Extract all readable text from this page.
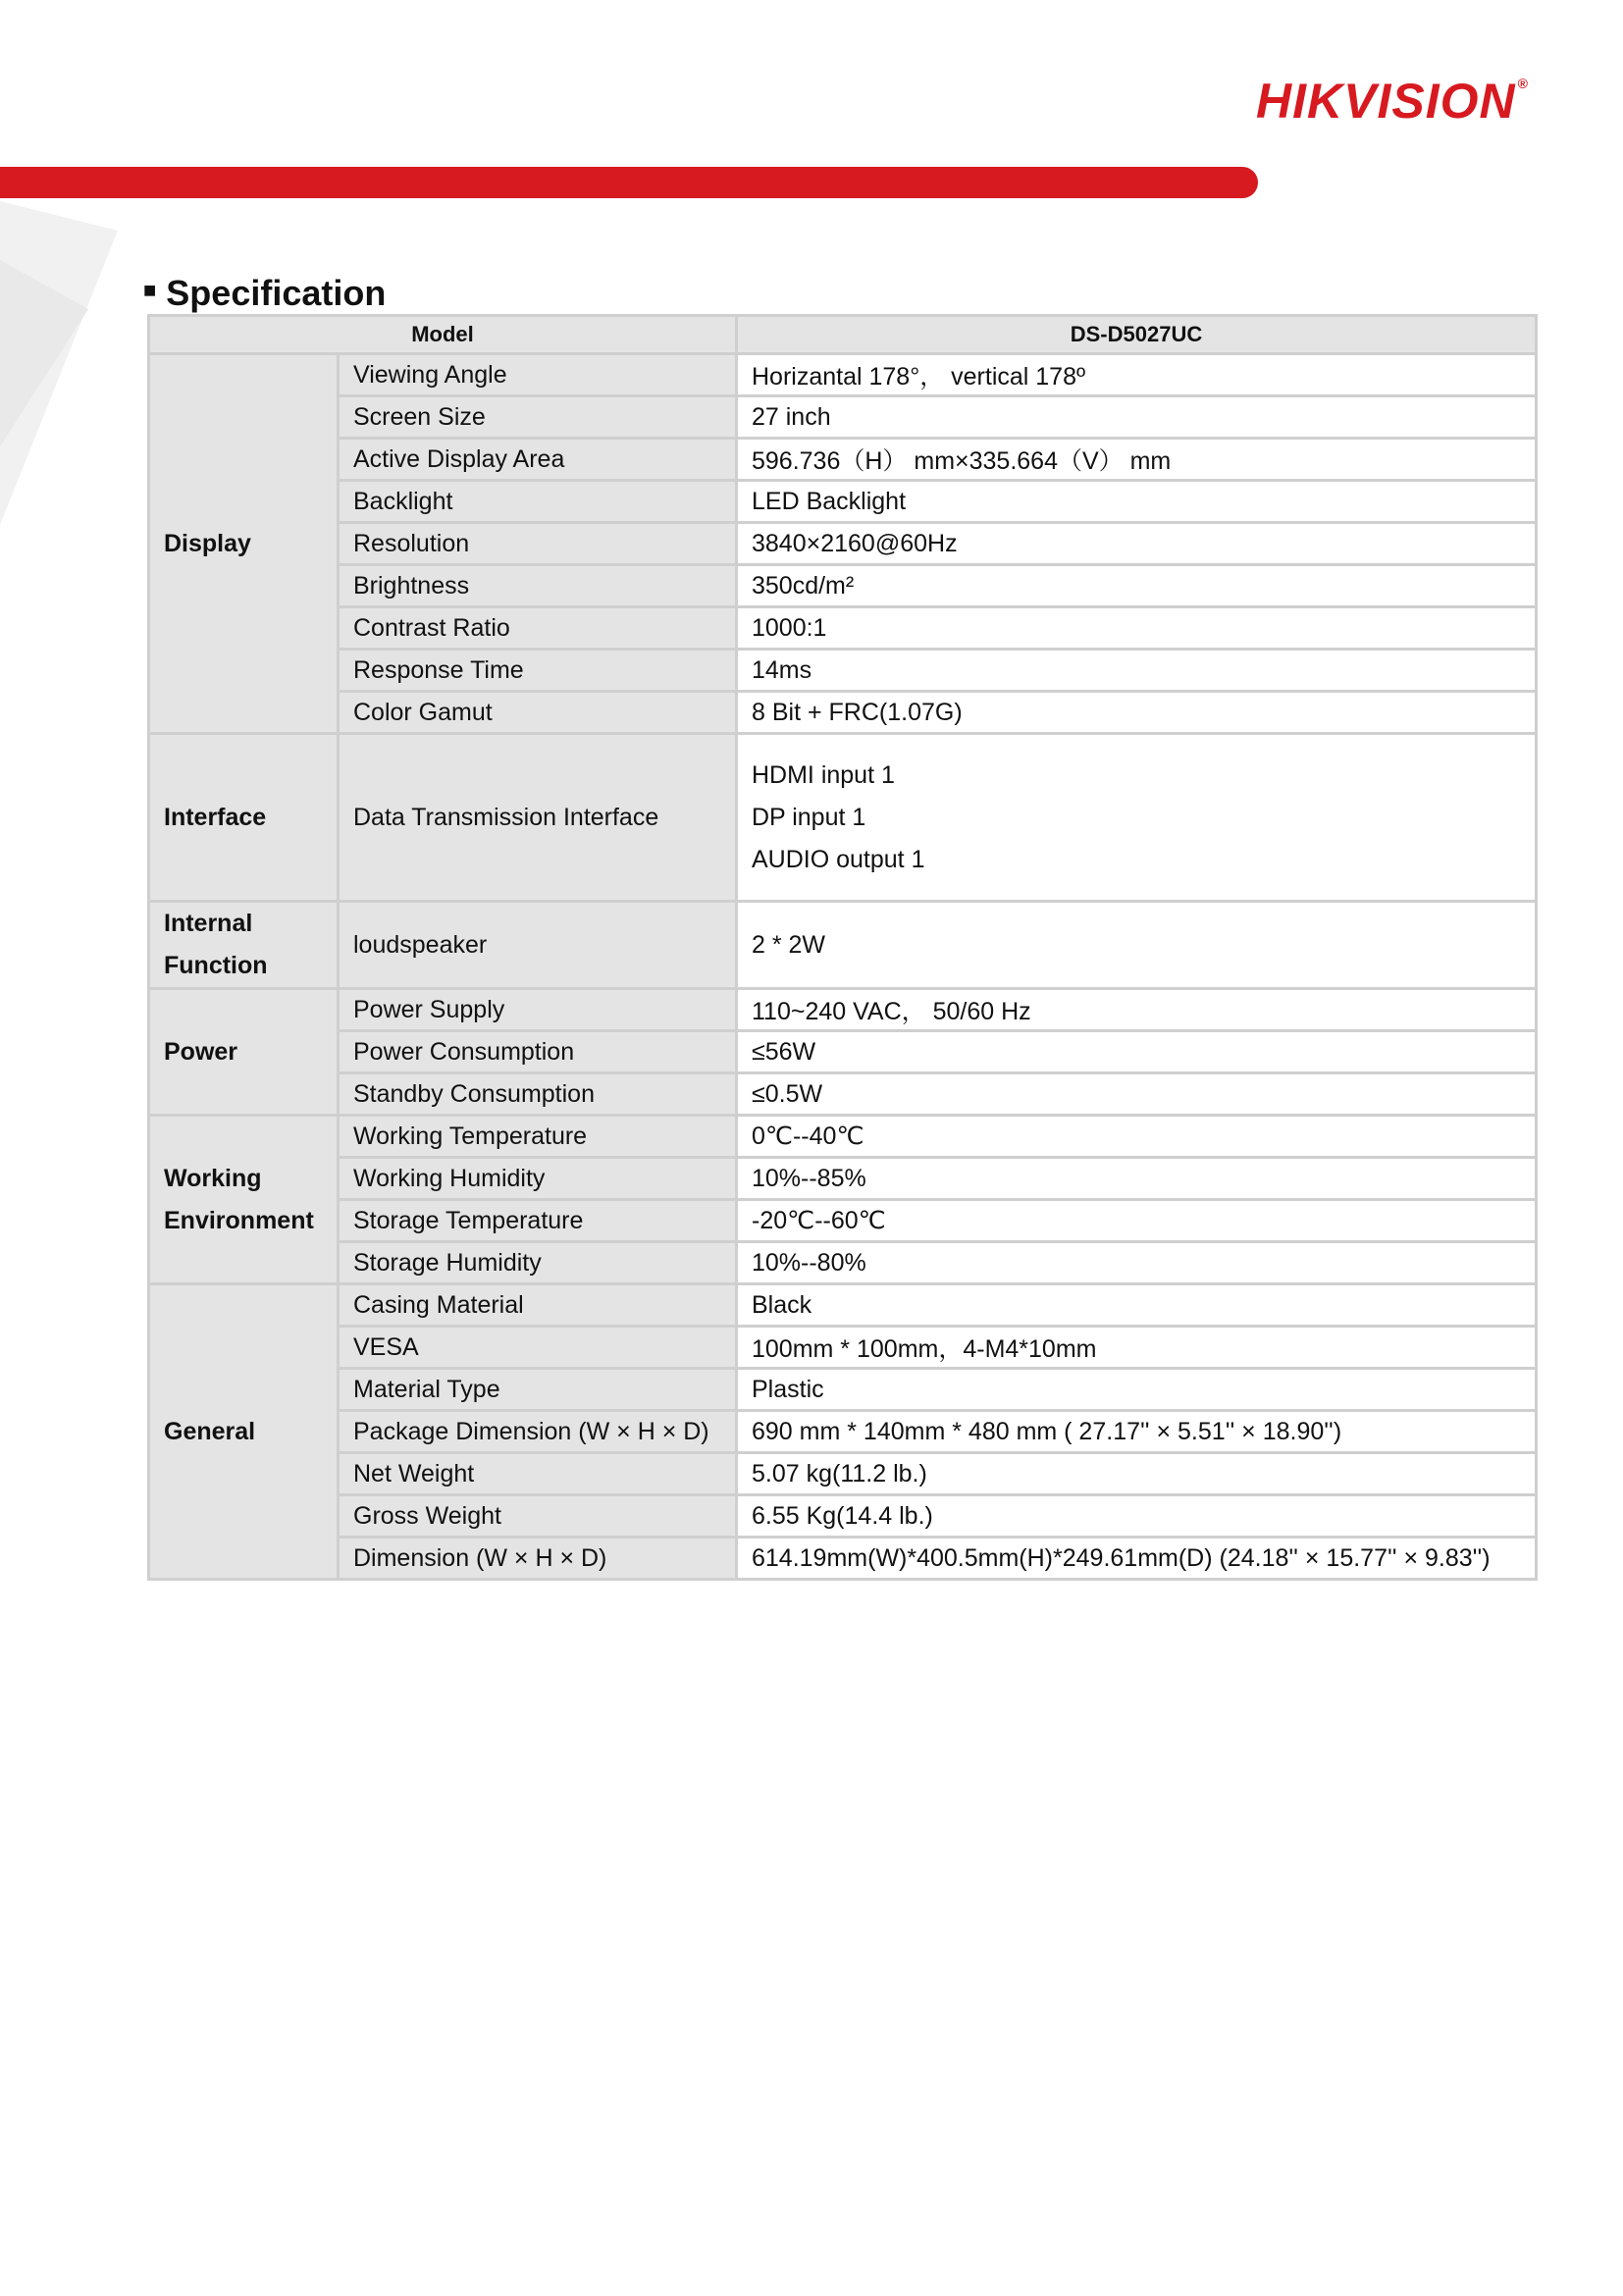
HIKVISION ®
■ Specification
Model		DS-D5027UC
Display	Viewing Angle	Horizantal 178°， vertical 178º
	Screen Size	27 inch
	Active Display Area	596.736（H） mm×335.664（V） mm
	Backlight	LED Backlight
	Resolution	3840×2160@60Hz
	Brightness	350cd/m²
	Contrast Ratio	1000:1
	Response Time	14ms
	Color Gamut	8 Bit + FRC(1.07G)
Interface	Data Transmission Interface	HDMI input 1
DP input 1
AUDIO output 1

Internal
Function	loudspeaker	2 * 2W
Power	Power Supply	110~240 VAC， 50/60 Hz
	Power Consumption	≤56W
	Standby Consumption	≤0.5W

Working
Environment	Working Temperature	0℃--40℃
	Working Humidity	10%--85%
	Storage Temperature	-20℃--60℃
	Storage Humidity	10%--80%
General	Casing Material	Black
	VESA	100mm * 100mm，4-M4*10mm
	Material Type	Plastic
	Package Dimension (W × H × D)	690 mm * 140mm * 480 mm ( 27.17'' × 5.51'' × 18.90'')
	Net Weight	5.07 kg(11.2 lb.)
	Gross Weight	6.55 Kg(14.4 lb.)
	Dimension (W × H × D)	614.19mm(W)*400.5mm(H)*249.61mm(D) (24.18'' × 15.77'' × 9.83'')
